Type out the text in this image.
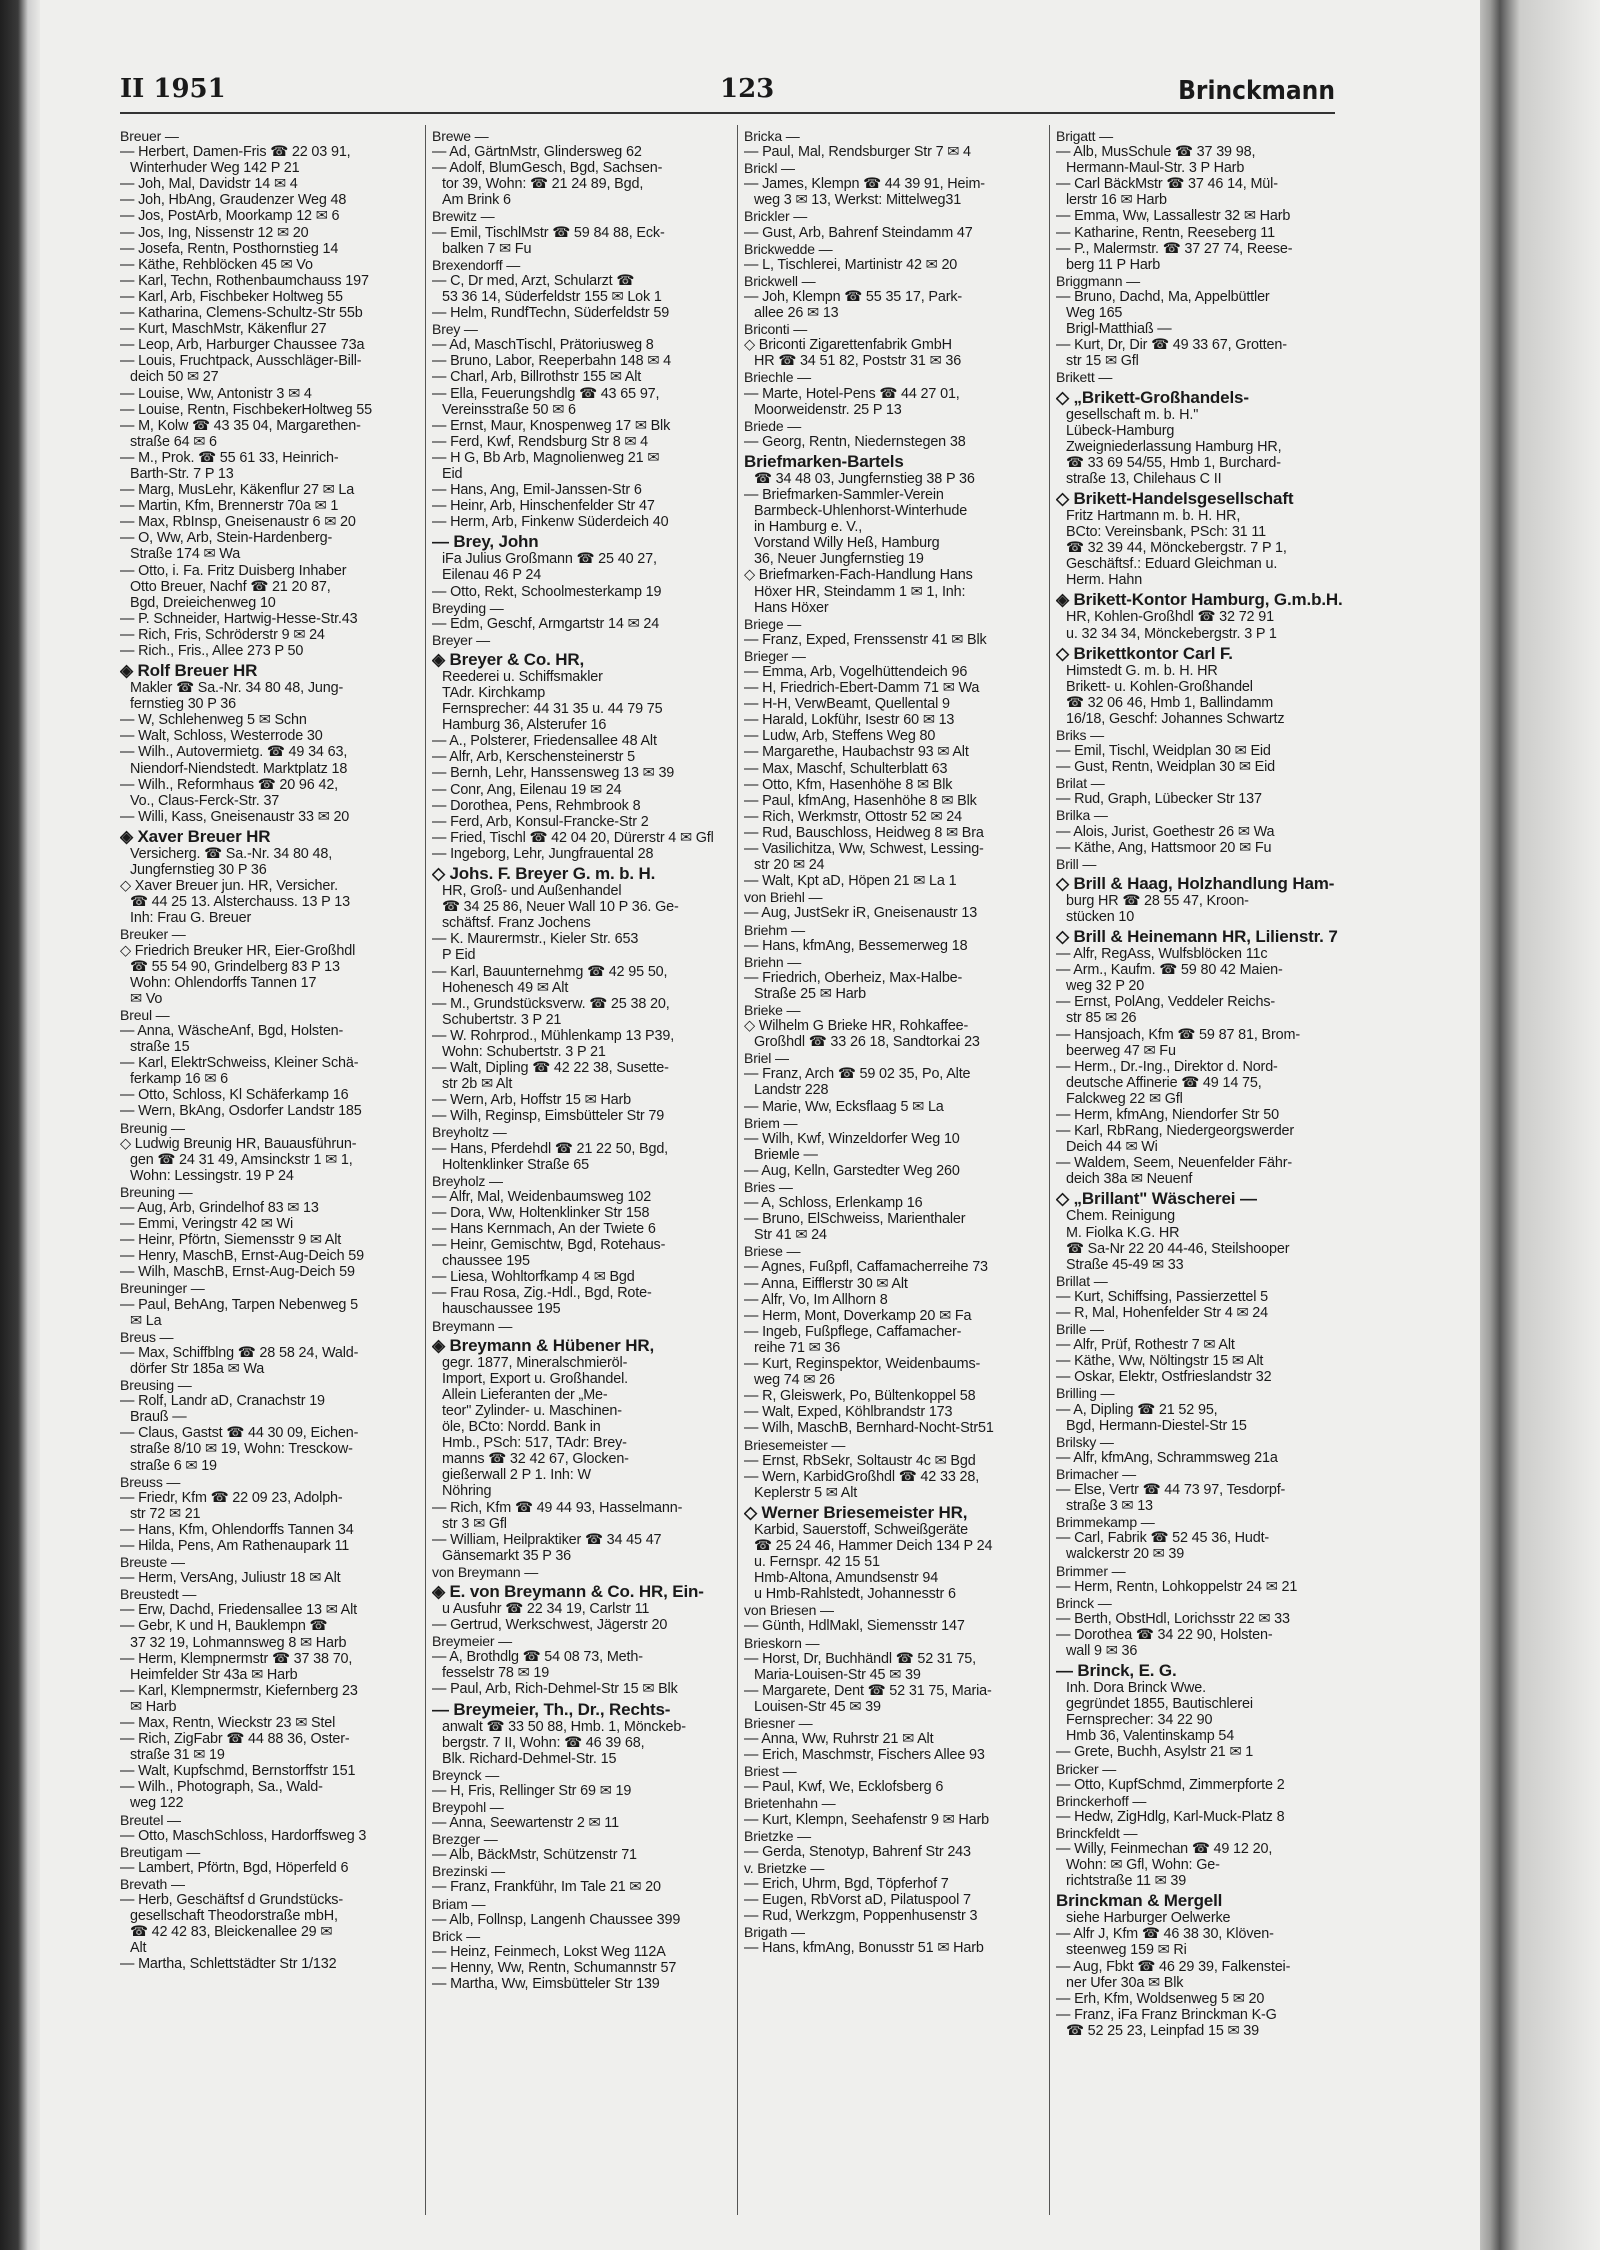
II 1951	123	Brinckmann
Breuer —
— Herbert, Damen-Fris ☎ 22 03 91,
Winterhuder Weg 142 P 21
— Joh, Mal, Davidstr 14 ✉ 4
— Joh, HbAng, Graudenzer Weg 48
— Jos, PostArb, Moorkamp 12 ✉ 6
— Jos, Ing, Nissenstr 12 ✉ 20
— Josefa, Rentn, Posthornstieg 14
— Käthe, Rehblöcken 45 ✉ Vo
— Karl, Techn, Rothenbaumchauss 197
— Karl, Arb, Fischbeker Holtweg 55
— Katharina, Clemens-Schultz-Str 55b
— Kurt, MaschMstr, Käkenflur 27
— Leop, Arb, Harburger Chaussee 73a
— Louis, Fruchtpack, Ausschläger-Bill-
deich 50 ✉ 27
— Louise, Ww, Antonistr 3 ✉ 4
— Louise, Rentn, FischbekerHoltweg 55
— M, Kolw ☎ 43 35 04, Margarethen-
straße 64 ✉ 6
— M., Prok. ☎ 55 61 33, Heinrich-
Barth-Str. 7 P 13
— Marg, MusLehr, Käkenflur 27 ✉ La
— Martin, Kfm, Brennerstr 70a ✉ 1
— Max, RbInsp, Gneisenaustr 6 ✉ 20
— O, Ww, Arb, Stein-Hardenberg-
Straße 174 ✉ Wa
— Otto, i. Fa. Fritz Duisberg Inhaber
Otto Breuer, Nachf ☎ 21 20 87,
Bgd, Dreieichenweg 10
— P. Schneider, Hartwig-Hesse-Str.43
— Rich, Fris, Schröderstr 9 ✉ 24
— Rich., Fris., Allee 273 P 50
◈ Rolf Breuer HR
Makler ☎ Sa.-Nr. 34 80 48, Jung-
fernstieg 30 P 36
— W, Schlehenweg 5 ✉ Schn
— Walt, Schloss, Westerrode 30
— Wilh., Autovermietg. ☎ 49 34 63,
Niendorf-Niendstedt. Marktplatz 18
— Wilh., Reformhaus ☎ 20 96 42,
Vo., Claus-Ferck-Str. 37
— Willi, Kass, Gneisenaustr 33 ✉ 20
◈ Xaver Breuer HR
Versicherg. ☎ Sa.-Nr. 34 80 48,
Jungfernstieg 30 P 36
◇ Xaver Breuer jun. HR, Versicher.
☎ 44 25 13. Alsterchauss. 13 P 13
Inh: Frau G. Breuer
Breuker —
◇ Friedrich Breuker HR, Eier-Großhdl
☎ 55 54 90, Grindelberg 83 P 13
Wohn: Ohlendorffs Tannen 17
✉ Vo
Breul —
— Anna, WäscheAnf, Bgd, Holsten-
straße 15
— Karl, ElektrSchweiss, Kleiner Schä-
ferkamp 16 ✉ 6
— Otto, Schloss, Kl Schäferkamp 16
— Wern, BkAng, Osdorfer Landstr 185
Breunig —
◇ Ludwig Breunig HR, Bauausführun-
gen ☎ 24 31 49, Amsinckstr 1 ✉ 1,
Wohn: Lessingstr. 19 P 24
Breuning —
— Aug, Arb, Grindelhof 83 ✉ 13
— Emmi, Veringstr 42 ✉ Wi
— Heinr, Pförtn, Siemensstr 9 ✉ Alt
— Henry, MaschB, Ernst-Aug-Deich 59
— Wilh, MaschB, Ernst-Aug-Deich 59
Breuninger —
— Paul, BehAng, Tarpen Nebenweg 5
✉ La
Breus —
— Max, Schiffblng ☎ 28 58 24, Wald-
dörfer Str 185a ✉ Wa
Breusing —
— Rolf, Landr aD, Cranachstr 19
Brauß —
— Claus, Gastst ☎ 44 30 09, Eichen-
straße 8/10 ✉ 19, Wohn: Tresckow-
straße 6 ✉ 19
Breuss —
— Friedr, Kfm ☎ 22 09 23, Adolph-
str 72 ✉ 21
— Hans, Kfm, Ohlendorffs Tannen 34
— Hilda, Pens, Am Rathenaupark 11
Breuste —
— Herm, VersAng, Juliustr 18 ✉ Alt
Breustedt —
— Erw, Dachd, Friedensallee 13 ✉ Alt
— Gebr, K und H, Bauklempn ☎
37 32 19, Lohmannsweg 8 ✉ Harb
— Herm, Klempnermstr ☎ 37 38 70,
Heimfelder Str 43a ✉ Harb
— Karl, Klempnermstr, Kiefernberg 23
✉ Harb
— Max, Rentn, Wieckstr 23 ✉ Stel
— Rich, ZigFabr ☎ 44 88 36, Oster-
straße 31 ✉ 19
— Walt, Kupfschmd, Bernstorffstr 151
— Wilh., Photograph, Sa., Wald-
weg 122
Breutel —
— Otto, MaschSchloss, Hardorffsweg 3
Breutigam —
— Lambert, Pförtn, Bgd, Höperfeld 6
Brevath —
— Herb, Geschäftsf d Grundstücks-
gesellschaft Theodorstraße mbH,
☎ 42 42 83, Bleickenallee 29 ✉
Alt
— Martha, Schlettstädter Str 1/132
Brewe —
— Ad, GärtnMstr, Glindersweg 62
— Adolf, BlumGesch, Bgd, Sachsen-
tor 39, Wohn: ☎ 21 24 89, Bgd,
Am Brink 6
Brewitz —
— Emil, TischlMstr ☎ 59 84 88, Eck-
balken 7 ✉ Fu
Brexendorff —
— C, Dr med, Arzt, Schularzt ☎
53 36 14, Süderfeldstr 155 ✉ Lok 1
— Helm, RundfTechn, Süderfeldstr 59
Brey —
— Ad, MaschTischl, Prätoriusweg 8
— Bruno, Labor, Reeperbahn 148 ✉ 4
— Charl, Arb, Billrothstr 155 ✉ Alt
— Ella, Feuerungshdlg ☎ 43 65 97,
Vereinsstraße 50 ✉ 6
— Ernst, Maur, Knospenweg 17 ✉ Blk
— Ferd, Kwf, Rendsburg Str 8 ✉ 4
— H G, Bb Arb, Magnolienweg 21 ✉
Eid
— Hans, Ang, Emil-Janssen-Str 6
— Heinr, Arb, Hinschenfelder Str 47
— Herm, Arb, Finkenw Süderdeich 40
— Brey, John
iFa Julius Großmann ☎ 25 40 27,
Eilenau 46 P 24
— Otto, Rekt, Schoolmesterkamp 19
Breyding —
— Edm, Geschf, Armgartstr 14 ✉ 24
Breyer —
◈ Breyer & Co. HR,
Reederei u. Schiffsmakler
TAdr. Kirchkamp
Fernsprecher: 44 31 35 u. 44 79 75
Hamburg 36, Alsterufer 16
— A., Polsterer, Friedensallee 48 Alt
— Alfr, Arb, Kerschensteinerstr 5
— Bernh, Lehr, Hanssensweg 13 ✉ 39
— Conr, Ang, Eilenau 19 ✉ 24
— Dorothea, Pens, Rehmbrook 8
— Ferd, Arb, Konsul-Francke-Str 2
— Fried, Tischl ☎ 42 04 20, Dürerstr 4 ✉ Gfl
— Ingeborg, Lehr, Jungfrauental 28
◇ Johs. F. Breyer G. m. b. H.
HR, Groß- und Außenhandel
☎ 34 25 86, Neuer Wall 10 P 36. Ge-
schäftsf. Franz Jochens
— K. Maurermstr., Kieler Str. 653
P Eid
— Karl, Bauunternehmg ☎ 42 95 50,
Hohenesch 49 ✉ Alt
— M., Grundstücksverw. ☎ 25 38 20,
Schubertstr. 3 P 21
— W. Rohrprod., Mühlenkamp 13 P39,
Wohn: Schubertstr. 3 P 21
— Walt, Dipling ☎ 42 22 38, Susette-
str 2b ✉ Alt
— Wern, Arb, Hoffstr 15 ✉ Harb
— Wilh, Reginsp, Eimsbütteler Str 79
Breyholtz —
— Hans, Pferdehdl ☎ 21 22 50, Bgd,
Holtenklinker Straße 65
Breyholz —
— Alfr, Mal, Weidenbaumsweg 102
— Dora, Ww, Holtenklinker Str 158
— Hans Kernmach, An der Twiete 6
— Heinr, Gemischtw, Bgd, Rotehaus-
chaussee 195
— Liesa, Wohltorfkamp 4 ✉ Bgd
— Frau Rosa, Zig.-Hdl., Bgd, Rote-
hauschaussee 195
Breymann —
◈ Breymann & Hübener HR,
gegr. 1877, Mineralschmieröl-
Import, Export u. Großhandel.
Allein Lieferanten der „Me-
teor" Zylinder- u. Maschinen-
öle, BCto: Nordd. Bank in
Hmb., PSch: 517, TAdr: Brey-
manns ☎ 32 42 67, Glocken-
gießerwall 2 P 1. Inh: W
Nöhring
— Rich, Kfm ☎ 49 44 93, Hasselmann-
str 3 ✉ Gfl
— William, Heilpraktiker ☎ 34 45 47
Gänsemarkt 35 P 36
von Breymann —
◈ E. von Breymann & Co. HR, Ein-
u Ausfuhr ☎ 22 34 19, Carlstr 11
— Gertrud, Werkschwest, Jägerstr 20
Breymeier —
— A, Brothdlg ☎ 54 08 73, Meth-
fesselstr 78 ✉ 19
— Paul, Arb, Rich-Dehmel-Str 15 ✉ Blk
— Breymeier, Th., Dr., Rechts-
anwalt ☎ 33 50 88, Hmb. 1, Mönckeb-
bergstr. 7 II, Wohn: ☎ 46 39 68,
Blk. Richard-Dehmel-Str. 15
Breynck —
— H, Fris, Rellinger Str 69 ✉ 19
Breypohl —
— Anna, Seewartenstr 2 ✉ 11
Brezger —
— Alb, BäckMstr, Schützenstr 71
Brezinski —
— Franz, Frankführ, Im Tale 21 ✉ 20
Briam —
— Alb, Follnsp, Langenh Chaussee 399
Brick —
— Heinz, Feinmech, Lokst Weg 112A
— Henny, Ww, Rentn, Schumannstr 57
— Martha, Ww, Eimsbütteler Str 139
Bricka —
— Paul, Mal, Rendsburger Str 7 ✉ 4
Brickl —
— James, Klempn ☎ 44 39 91, Heim-
weg 3 ✉ 13, Werkst: Mittelweg31
Brickler —
— Gust, Arb, Bahrenf Steindamm 47
Brickwedde —
— L, Tischlerei, Martinistr 42 ✉ 20
Brickwell —
— Joh, Klempn ☎ 55 35 17, Park-
allee 26 ✉ 13
Briconti —
◇ Briconti Zigarettenfabrik GmbH
HR ☎ 34 51 82, Poststr 31 ✉ 36
Briechle —
— Marte, Hotel-Pens ☎ 44 27 01,
Moorweidenstr. 25 P 13
Briede —
— Georg, Rentn, Niedernstegen 38
Briefmarken-Bartels
☎ 34 48 03, Jungfernstieg 38 P 36
— Briefmarken-Sammler-Verein
Barmbeck-Uhlenhorst-Winterhude
in Hamburg e. V.,
Vorstand Willy Heß, Hamburg
36, Neuer Jungfernstieg 19
◇ Briefmarken-Fach-Handlung Hans
Höxer HR, Steindamm 1 ✉ 1, Inh:
Hans Höxer
Briege —
— Franz, Exped, Frenssenstr 41 ✉ Blk
Brieger —
— Emma, Arb, Vogelhüttendeich 96
— H, Friedrich-Ebert-Damm 71 ✉ Wa
— H-H, VerwBeamt, Quellental 9
— Harald, Lokführ, Isestr 60 ✉ 13
— Ludw, Arb, Steffens Weg 80
— Margarethe, Haubachstr 93 ✉ Alt
— Max, Maschf, Schulterblatt 63
— Otto, Kfm, Hasenhöhe 8 ✉ Blk
— Paul, kfmAng, Hasenhöhe 8 ✉ Blk
— Rich, Werkmstr, Ottostr 52 ✉ 24
— Rud, Bauschloss, Heidweg 8 ✉ Bra
— Vasilichitza, Ww, Schwest, Lessing-
str 20 ✉ 24
— Walt, Kpt aD, Höpen 21 ✉ La 1
von Briehl —
— Aug, JustSekr iR, Gneisenaustr 13
Briehm —
— Hans, kfmAng, Bessemerweg 18
Briehn —
— Friedrich, Oberheiz, Max-Halbe-
Straße 25 ✉ Harb
Brieke —
◇ Wilhelm G Brieke HR, Rohkaffee-
Großhdl ☎ 33 26 18, Sandtorkai 23
Briel —
— Franz, Arch ☎ 59 02 35, Po, Alte
Landstr 228
— Marie, Ww, Ecksflaag 5 ✉ La
Briem —
— Wilh, Kwf, Winzeldorfer Weg 10
Brieмle —
— Aug, Kelln, Garstedter Weg 260
Bries —
— A, Schloss, Erlenkamp 16
— Bruno, ElSchweiss, Marienthaler
Str 41 ✉ 24
Briese —
— Agnes, Fußpfl, Caffamacherreihe 73
— Anna, Eifflerstr 30 ✉ Alt
— Alfr, Vo, Im Allhorn 8
— Herm, Mont, Doverkamp 20 ✉ Fa
— Ingeb, Fußpflege, Caffamacher-
reihe 71 ✉ 36
— Kurt, Reginspektor, Weidenbaums-
weg 74 ✉ 26
— R, Gleiswerk, Po, Bültenkoppel 58
— Walt, Exped, Köhlbrandstr 173
— Wilh, MaschB, Bernhard-Nocht-Str51
Briesemeister —
— Ernst, RbSekr, Soltaustr 4c ✉ Bgd
— Wern, KarbidGroßhdl ☎ 42 33 28,
Keplerstr 5 ✉ Alt
◇ Werner Briesemeister HR,
Karbid, Sauerstoff, Schweißgeräte
☎ 25 24 46, Hammer Deich 134 P 24
u. Fernspr. 42 15 51
Hmb-Altona, Amundsenstr 94
u Hmb-Rahlstedt, Johannesstr 6
von Briesen —
— Günth, HdlMakl, Siemensstr 147
Brieskorn —
— Horst, Dr, Buchhändl ☎ 52 31 75,
Maria-Louisen-Str 45 ✉ 39
— Margarete, Dent ☎ 52 31 75, Maria-
Louisen-Str 45 ✉ 39
Briesner —
— Anna, Ww, Ruhrstr 21 ✉ Alt
— Erich, Maschmstr, Fischers Allee 93
Briest —
— Paul, Kwf, We, Ecklofsberg 6
Brietenhahn —
— Kurt, Klempn, Seehafenstr 9 ✉ Harb
Brietzke —
— Gerda, Stenotyp, Bahrenf Str 243
v. Brietzke —
— Erich, Uhrm, Bgd, Töpferhof 7
— Eugen, RbVorst aD, Pilatuspool 7
— Rud, Werkzgm, Poppenhusenstr 3
Brigath —
— Hans, kfmAng, Bonusstr 51 ✉ Harb
Brigatt —
— Alb, MusSchule ☎ 37 39 98,
Hermann-Maul-Str. 3 P Harb
— Carl BäckMstr ☎ 37 46 14, Mül-
lerstr 16 ✉ Harb
— Emma, Ww, Lassallestr 32 ✉ Harb
— Katharine, Rentn, Reeseberg 11
— P., Malermstr. ☎ 37 27 74, Reese-
berg 11 P Harb
Briggmann —
— Bruno, Dachd, Ma, Appelbüttler
Weg 165
Brigl-Matthiaß —
— Kurt, Dr, Dir ☎ 49 33 67, Grotten-
str 15 ✉ Gfl
Brikett —
◇ „Brikett-Großhandels-
gesellschaft m. b. H."
Lübeck-Hamburg
Zweigniederlassung Hamburg HR,
☎ 33 69 54/55, Hmb 1, Burchard-
straße 13, Chilehaus C II
◇ Brikett-Handelsgesellschaft
Fritz Hartmann m. b. H. HR,
BCto: Vereinsbank, PSch: 31 11
☎ 32 39 44, Mönckebergstr. 7 P 1,
Geschäftsf.: Eduard Gleichman u.
Herm. Hahn
◈ Brikett-Kontor Hamburg, G.m.b.H.
HR, Kohlen-Großhdl ☎ 32 72 91
u. 32 34 34, Mönckebergstr. 3 P 1
◇ Brikettkontor Carl F.
Himstedt G. m. b. H. HR
Brikett- u. Kohlen-Großhandel
☎ 32 06 46, Hmb 1, Ballindamm
16/18, Geschf: Johannes Schwartz
Briks —
— Emil, Tischl, Weidplan 30 ✉ Eid
— Gust, Rentn, Weidplan 30 ✉ Eid
Brilat —
— Rud, Graph, Lübecker Str 137
Brilka —
— Alois, Jurist, Goethestr 26 ✉ Wa
— Käthe, Ang, Hattsmoor 20 ✉ Fu
Brill —
◇ Brill & Haag, Holzhandlung Ham-
burg HR ☎ 28 55 47, Kroon-
stücken 10
◇ Brill & Heinemann HR, Lilienstr. 7
— Alfr, RegAss, Wulfsblöcken 11c
— Arm., Kaufm. ☎ 59 80 42 Maien-
weg 32 P 20
— Ernst, PolAng, Veddeler Reichs-
str 85 ✉ 26
— Hansjoach, Kfm ☎ 59 87 81, Brom-
beerweg 47 ✉ Fu
— Herm., Dr.-Ing., Direktor d. Nord-
deutsche Affinerie ☎ 49 14 75,
Falckweg 22 ✉ Gfl
— Herm, kfmAng, Niendorfer Str 50
— Karl, RbRang, Niedergeorgswerder
Deich 44 ✉ Wi
— Waldem, Seem, Neuenfelder Fähr-
deich 38a ✉ Neuenf
◇ „Brillant" Wäscherei —
Chem. Reinigung
M. Fiolka K.G. HR
☎ Sa-Nr 22 20 44-46, Steilshooper
Straße 45-49 ✉ 33
Brillat —
— Kurt, Schiffsing, Passierzettel 5
— R, Mal, Hohenfelder Str 4 ✉ 24
Brille —
— Alfr, Prüf, Rothestr 7 ✉ Alt
— Käthe, Ww, Nöltingstr 15 ✉ Alt
— Oskar, Elektr, Ostfrieslandstr 32
Brilling —
— A, Dipling ☎ 21 52 95,
Bgd, Hermann-Diestel-Str 15
Brilsky —
— Alfr, kfmAng, Schrammsweg 21a
Brimacher —
— Else, Vertr ☎ 44 73 97, Tesdorpf-
straße 3 ✉ 13
Brimmekamp —
— Carl, Fabrik ☎ 52 45 36, Hudt-
walckerstr 20 ✉ 39
Brimmer —
— Herm, Rentn, Lohkoppelstr 24 ✉ 21
Brinck —
— Berth, ObstHdl, Lorichsstr 22 ✉ 33
— Dorothea ☎ 34 22 90, Holsten-
wall 9 ✉ 36
— Brinck, E. G.
Inh. Dora Brinck Wwe.
gegründet 1855, Bautischlerei
Fernsprecher: 34 22 90
Hmb 36, Valentinskamp 54
— Grete, Buchh, Asylstr 21 ✉ 1
Bricker —
— Otto, KupfSchmd, Zimmerpforte 2
Brinckerhoff —
— Hedw, ZigHdlg, Karl-Muck-Platz 8
Brinckfeldt —
— Willy, Feinmechan ☎ 49 12 20,
Wohn: ✉ Gfl, Wohn: Ge-
richtstraße 11 ✉ 39
Brinckman & Mergell
siehe Harburger Oelwerke
— Alfr J, Kfm ☎ 46 38 30, Klöven-
steenweg 159 ✉ Ri
— Aug, Fbkt ☎ 46 29 39, Falkenstei-
ner Ufer 30a ✉ Blk
— Erh, Kfm, Woldsenweg 5 ✉ 20
— Franz, iFa Franz Brinckman K-G
☎ 52 25 23, Leinpfad 15 ✉ 39
